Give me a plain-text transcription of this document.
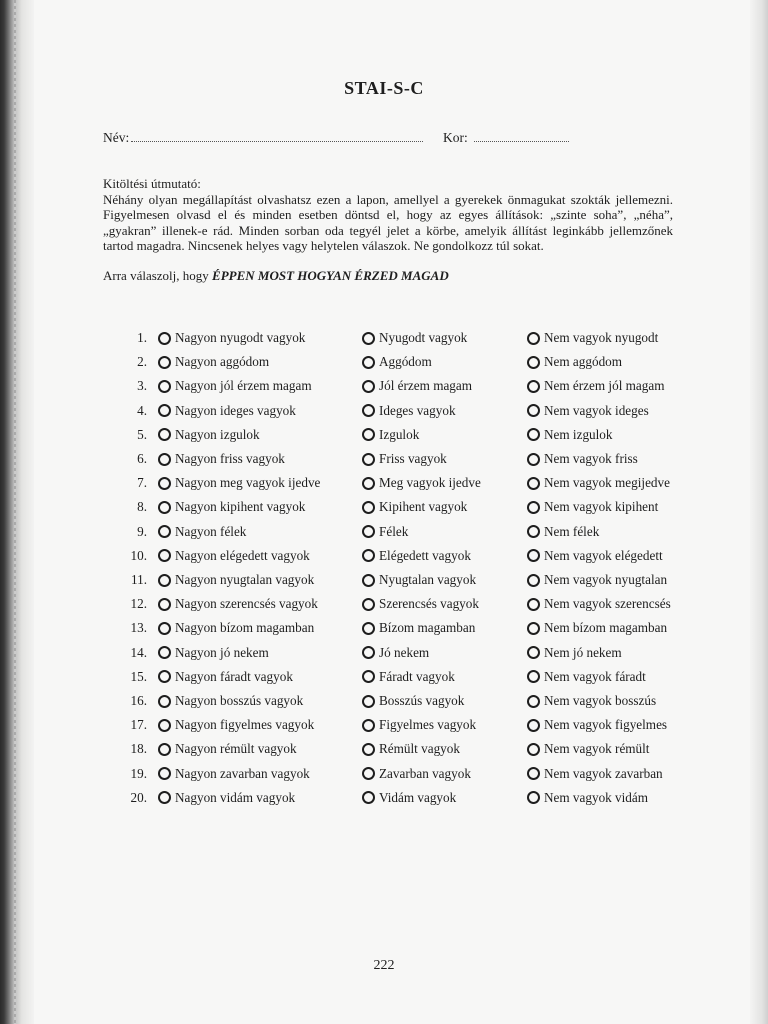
STAI-S-C
Név:	Kor:

Kitöltési útmutató:

Néhány olyan megállapítást olvashatsz ezen a lapon, amellyel a gyerekek önmagukat szokták jellemezni. Figyelmesen olvasd el és minden esetben döntsd el, hogy az egyes állítások: „szinte soha”, „néha”, „gyakran” illenek-e rád. Minden sorban oda tegyél jelet a körbe, amelyik állítást leginkább jellemzőnek tartod magadra. Nincsenek helyes vagy helytelen válaszok. Ne gondolkozz túl sokat.

Arra válaszolj, hogy ÉPPEN MOST HOGYAN ÉRZED MAGAD
1. Nagyon nyugodt vagyok	Nyugodt vagyok	Nem vagyok nyugodt
2. Nagyon aggódom	Aggódom	Nem aggódom
3. Nagyon jól érzem magam	Jól érzem magam	Nem érzem jól magam
4. Nagyon ideges vagyok	Ideges vagyok	Nem vagyok ideges
5. Nagyon izgulok	Izgulok	Nem izgulok
6. Nagyon friss vagyok	Friss vagyok	Nem vagyok friss
7. Nagyon meg vagyok ijedve	Meg vagyok ijedve	Nem vagyok megijedve
8. Nagyon kipihent vagyok	Kipihent vagyok	Nem vagyok kipihent
9. Nagyon félek	Félek	Nem félek
10. Nagyon elégedett vagyok	Elégedett vagyok	Nem vagyok elégedett
11. Nagyon nyugtalan vagyok	Nyugtalan vagyok	Nem vagyok nyugtalan
12. Nagyon szerencsés vagyok	Szerencsés vagyok	Nem vagyok szerencsés
13. Nagyon bízom magamban	Bízom magamban	Nem bízom magamban
14. Nagyon jó nekem	Jó nekem	Nem jó nekem
15. Nagyon fáradt vagyok	Fáradt vagyok	Nem vagyok fáradt
16. Nagyon bosszús vagyok	Bosszús vagyok	Nem vagyok bosszús
17. Nagyon figyelmes vagyok	Figyelmes vagyok	Nem vagyok figyelmes
18. Nagyon rémült vagyok	Rémült vagyok	Nem vagyok rémült
19. Nagyon zavarban vagyok	Zavarban vagyok	Nem vagyok zavarban
20. Nagyon vidám vagyok	Vidám vagyok	Nem vagyok vidám
222
